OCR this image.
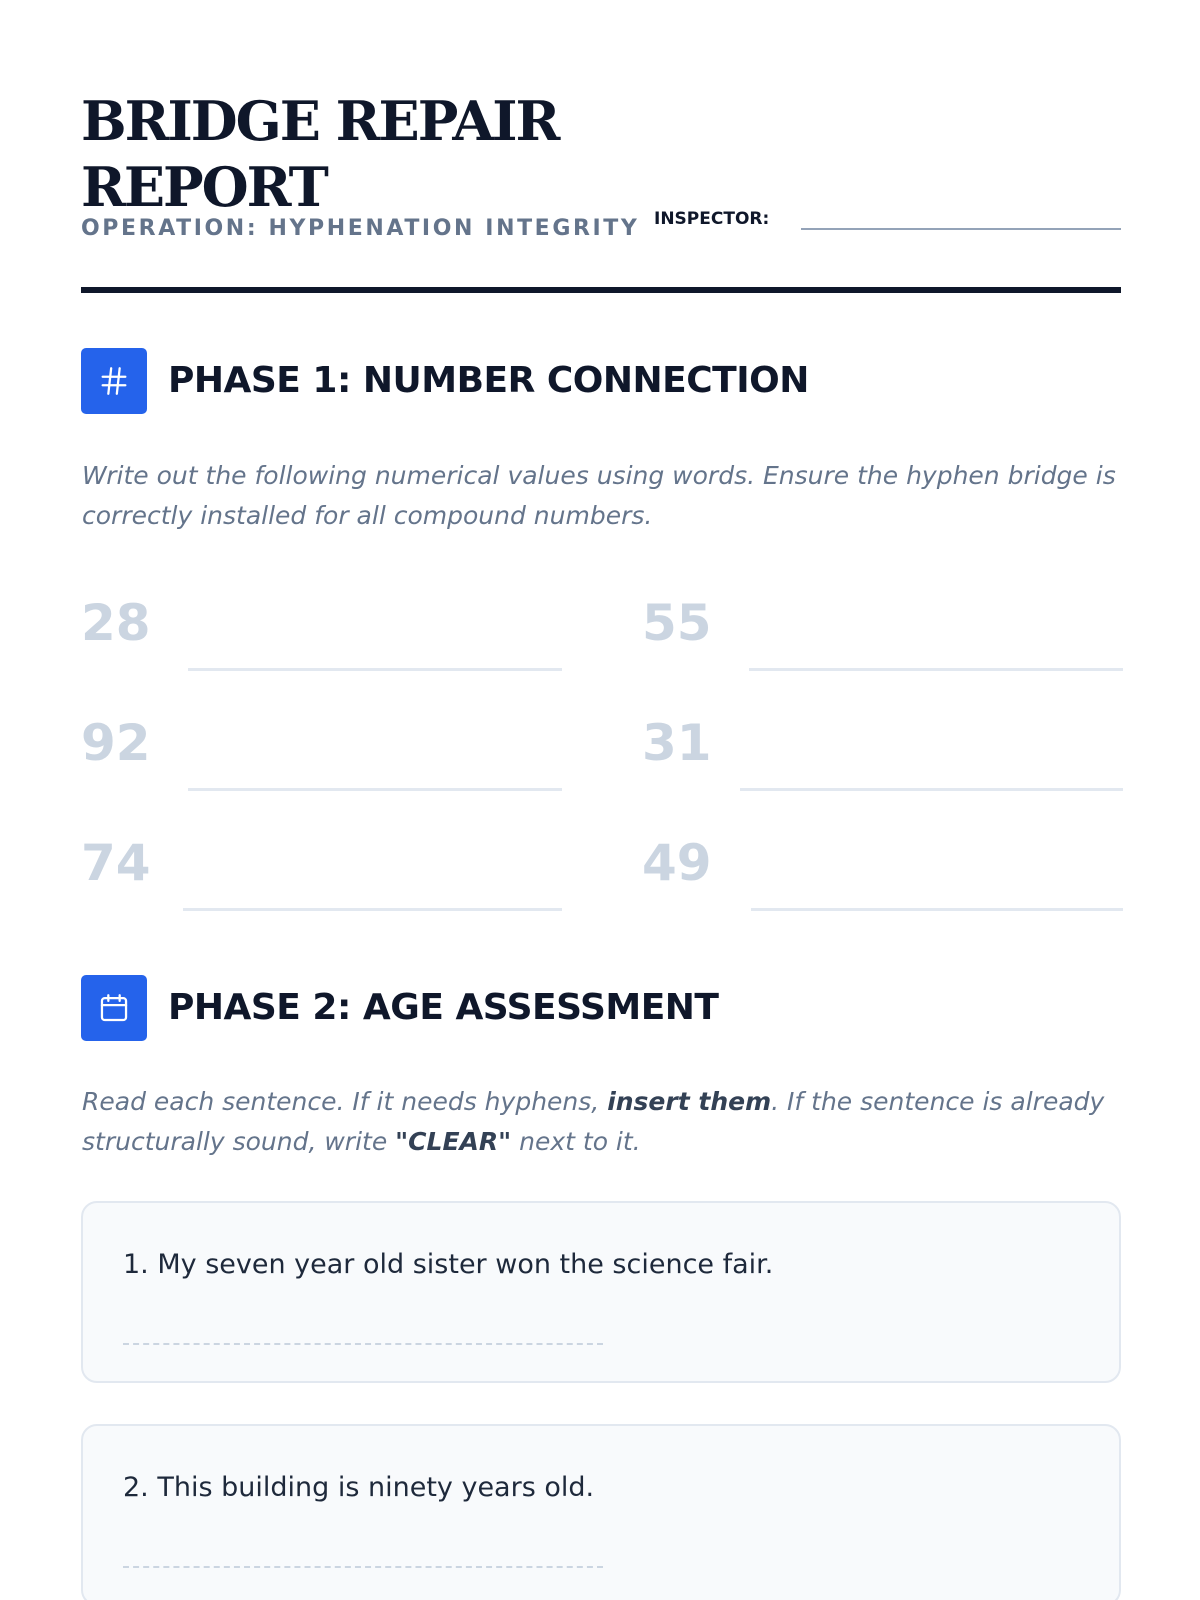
BRIDGE REPAIR
REPORT
OPERATION: HYPHENATION INTEGRITY INSPECTOR:
PHASE 1: NUMBER CONNECTION
Write out the following numerical values using words. Ensure the hyphen bridge is correctly installed for all compound numbers.
28	55
92	31
74	49
PHASE 2: AGE ASSESSMENT
Read each sentence. If it needs hyphens, insert them. If the sentence is already structurally sound, write "CLEAR" next to it.
1. My seven year old sister won the science fair.
2. This building is ninety years old.
